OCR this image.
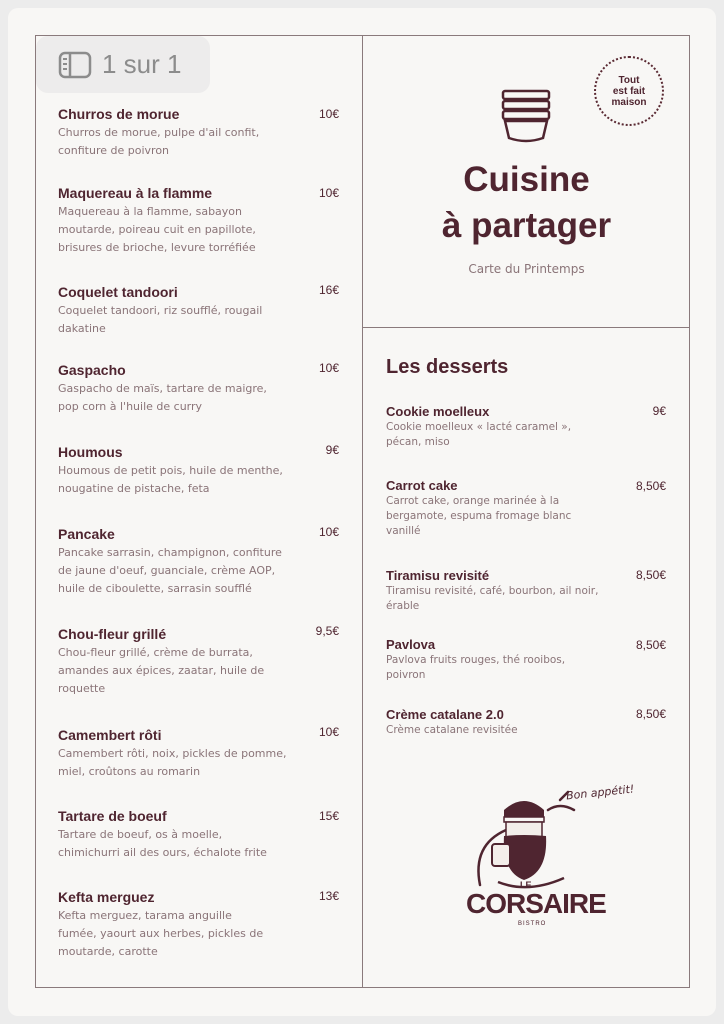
Churros de morue
Churros de morue, pulpe d'ail confit,
confiture de poivron
10€
Maquereau à la flamme
Maquereau à la flamme, sabayon
moutarde, poireau cuit en papillote,
brisures de brioche, levure torréfiée
10€
Coquelet tandoori
Coquelet tandoori, riz soufflé, rougail
dakatine
16€
Gaspacho
Gaspacho de maïs, tartare de maigre,
pop corn à l'huile de curry
10€
Houmous
Houmous de petit pois, huile de menthe,
nougatine de pistache, feta
9€
Pancake
Pancake sarrasin, champignon, confiture
de jaune d'oeuf, guanciale, crème AOP,
huile de ciboulette, sarrasin soufflé
10€
Chou-fleur grillé
Chou-fleur grillé, crème de burrata,
amandes aux épices, zaatar, huile de
roquette
9,5€
Camembert rôti
Camembert rôti, noix, pickles de pomme,
miel, croûtons au romarin
10€
Tartare de boeuf
Tartare de boeuf, os à moelle,
chimichurri ail des ours, échalote frite
15€
Kefta merguez
Kefta merguez, tarama anguille
fumée, yaourt aux herbes, pickles de
moutarde, carotte
13€
Tout
est fait
maison
Cuisine
à partager
Carte du Printemps
Les desserts
Cookie moelleux
Cookie moelleux « lacté caramel »,
pécan, miso
9€
Carrot cake
Carrot cake, orange marinée à la
bergamote, espuma fromage blanc
vanillé
8,50€
Tiramisu revisité
Tiramisu revisité, café, bourbon, ail noir,
érable
8,50€
Pavlova
Pavlova fruits rouges, thé rooibos,
poivron
8,50€
Crème catalane 2.0
Crème catalane revisitée
8,50€
Bon appétit!
LE
CORSAIRE
BISTRO
1 sur 1
